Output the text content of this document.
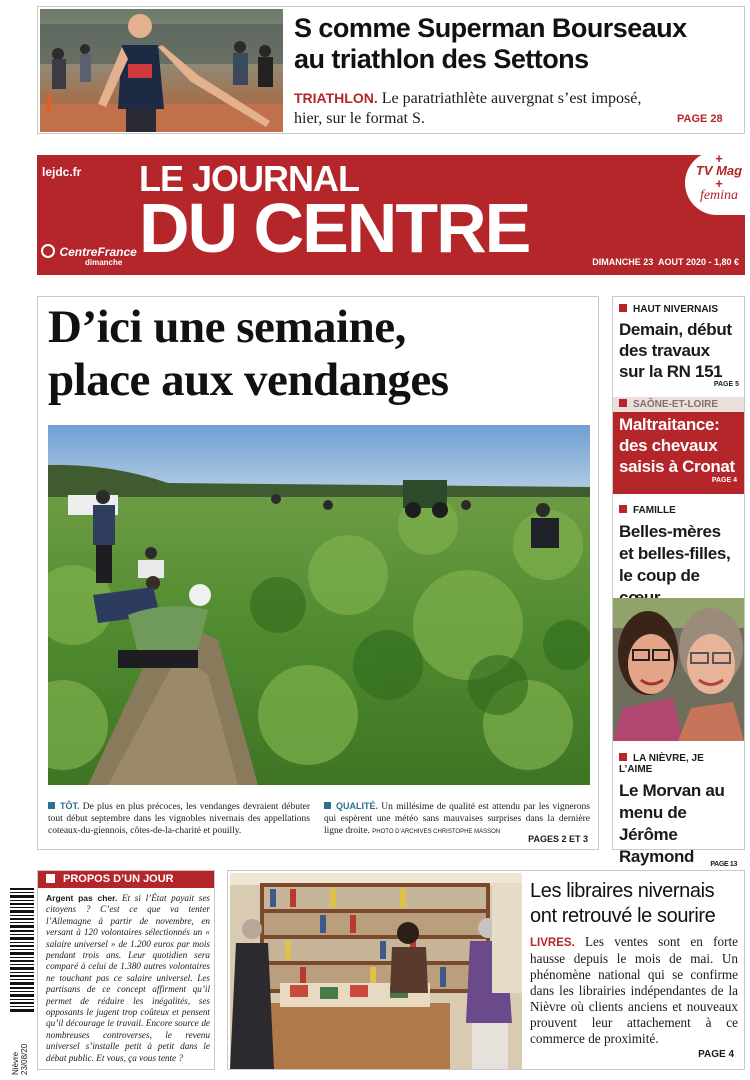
S comme Superman Bourseaux
au triathlon des Settons
TRIATHLON. Le paratriathlète auvergnat s’est imposé, hier, sur le format S.	PAGE 28
lejdc.fr LE JOURNAL
DU CENTRE
CentreFrance
dimanche
+
TV Mag
+
femina
DIMANCHE 23  AOUT 2020 - 1,80 €
D’ici une semaine,
place aux vendanges
TÔT. De plus en plus précoces, les vendanges devraient débuter tout début septembre dans les vignobles nivernais des appellations coteaux-du-giennois, côtes-de-la-charité et pouilly.
QUALITÉ. Un millésime de qualité est attendu par les vignerons qui espèrent une météo sans mauvaises surprises dans la dernière ligne droite. PHOTO D’ARCHIVES CHRISTOPHE MASSON
PAGES 2 ET 3
HAUT NIVERNAIS
Demain, début
des travaux
sur la RN 151
PAGE 5
SAÔNE-ET-LOIRE
Maltraitance:
des chevaux
saisis à Cronat
PAGE 4
FAMILLE
Belles-mères
et belles-filles,
le coup de
LA NIÈVRE, JE L’AIME
Le Morvan au
menu de Jérôme
Raymond PAGE 13
Nièvre 23/08/20
PROPOS D’UN JOUR
Argent pas cher. Et si l’État payait ses citoyens ? C’est ce que va tenter l’Allemagne à partir de novembre, en versant à 120 volontaires sélectionnés un « salaire universel » de 1.200 euros par mois pendant trois ans. Leur quotidien sera comparé à celui de 1.380 autres volontaires ne touchant pas ce salaire universel. Les partisans de ce concept affirment qu’il permet de réduire les inégalités, ses opposants le jugent trop coûteux et pensent qu’il décourage le travail. Encore source de nombreuses controverses, le revenu universel s’installe petit à petit dans le débat public. Et vous, ça vous tente ?
Les libraires nivernais
ont retrouvé le sourire
LIVRES. Les ventes sont en forte hausse depuis le mois de mai. Un phénomène national qui se confirme dans les librairies indépendantes de la Nièvre où clients anciens et nouveaux prouvent leur attachement à ce commerce de proximité.
PAGE 4
